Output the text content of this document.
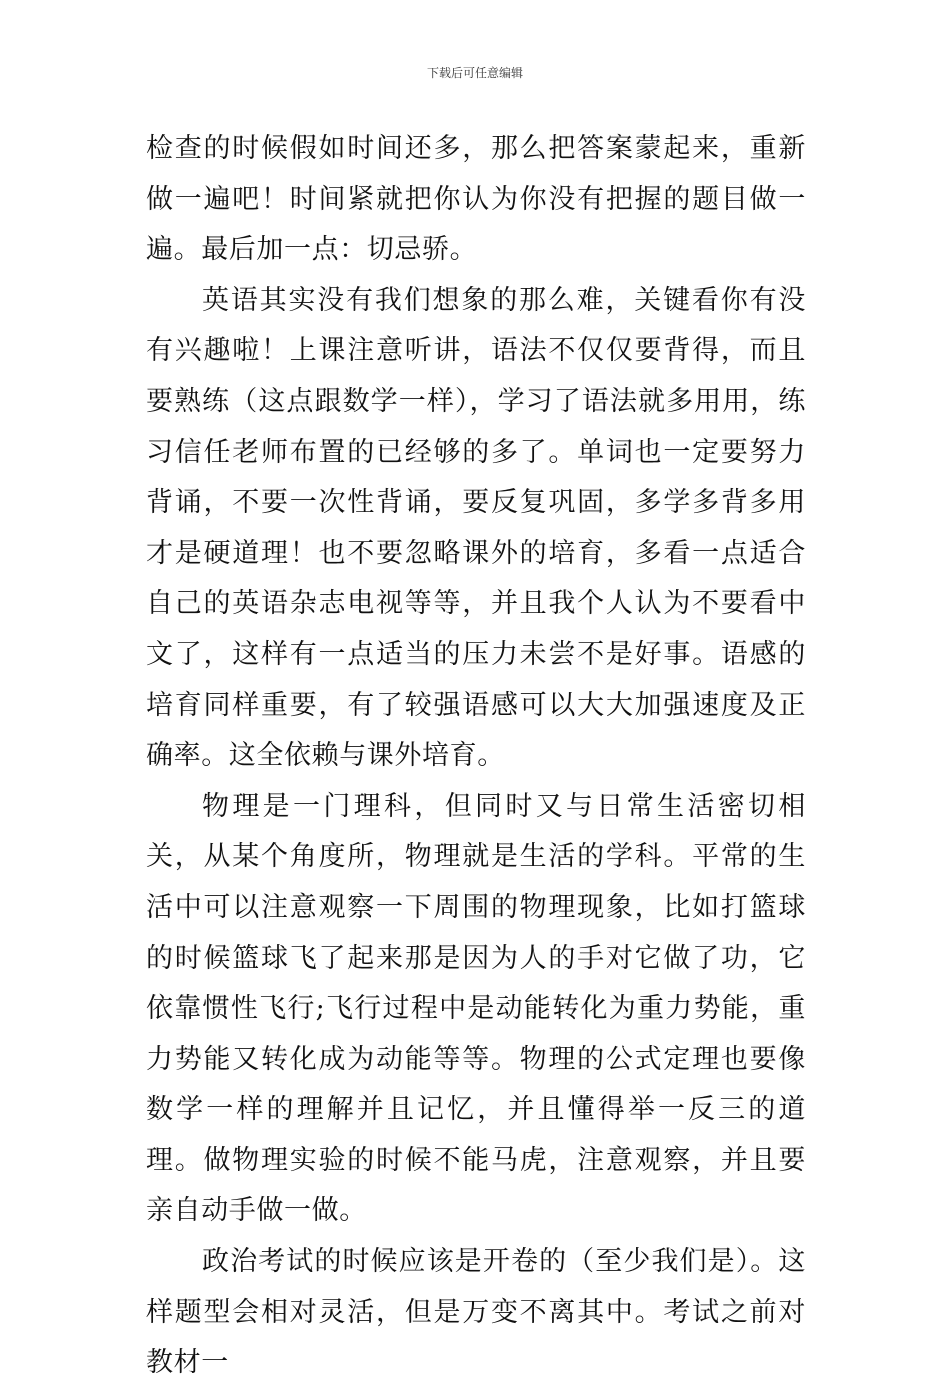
下载后可任意编辑

检查的时候假如时间还多，那么把答案蒙起来，重新做一遍吧！时间紧就把你认为你没有把握的题目做一遍。最后加一点：切忌骄。

英语其实没有我们想象的那么难，关键看你有没有兴趣啦！上课注意听讲，语法不仅仅要背得，而且要熟练（这点跟数学一样），学习了语法就多用用，练习信任老师布置的已经够的多了。单词也一定要努力背诵，不要一次性背诵，要反复巩固，多学多背多用才是硬道理！也不要忽略课外的培育，多看一点适合自己的英语杂志电视等等，并且我个人认为不要看中文了，这样有一点适当的压力未尝不是好事。语感的培育同样重要，有了较强语感可以大大加强速度及正确率。这全依赖与课外培育。

物理是一门理科，但同时又与日常生活密切相关，从某个角度所，物理就是生活的学科。平常的生活中可以注意观察一下周围的物理现象，比如打篮球的时候篮球飞了起来那是因为人的手对它做了功，它依靠惯性飞行;飞行过程中是动能转化为重力势能，重力势能又转化成为动能等等。物理的公式定理也要像数学一样的理解并且记忆，并且懂得举一反三的道理。做物理实验的时候不能马虎，注意观察，并且要亲自动手做一做。

政治考试的时候应该是开卷的（至少我们是）。这样题型会相对灵活，但是万变不离其中。考试之前对教材一
